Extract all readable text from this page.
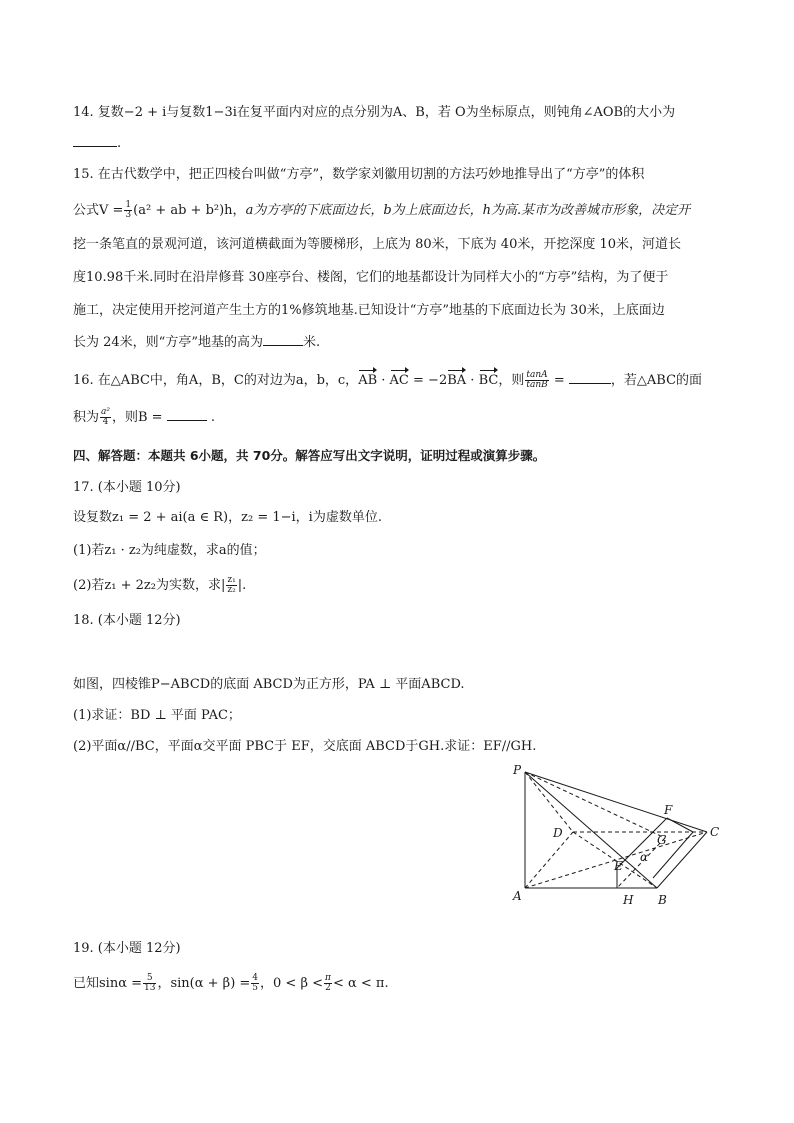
14. 复数−2 + i与复数1−3i在复平面内对应的点分别为A、B，若 O为坐标原点，则钝角∠AOB的大小为
.
15. 在古代数学中，把正四棱台叫做“方亭”，数学家刘徽用切割的方法巧妙地推导出了“方亭”的体积
公式$V = \frac{1}{3} (a^2$ + ab + b²)h，a为方亭的下底面边长，b为上底面边长，h为高.某市为改善城市形象，决定开
挖一条笔直的景观河道，该河道横截面为等腰梯形，上底为 80米，下底为 40米，开挖深度 10米，河道长
度10.98千米.同时在沿岸修葺 30座亭台、楼阁，它们的地基都设计为同样大小的“方亭”结构，为了便于
施工，决定使用开挖河道产生土方的1%修筑地基.已知设计“方亭”地基的下底面边长为 30米，上底面边
长为 24米，则“方亭”地基的高为	米.
16. 在△ABC中，角A，B，C的对边为a，b，c，AB · AC = −2BA · BC，则 $\frac{\tan A}{\tan B}$ =	，若△ABC的面
积为 $\frac{\text{a²}}{4}$ ，则B =	.
四、解答题：本题共 6小题，共 70分。解答应写出文字说明，证明过程或演算步骤。
17. (本小题 10分)
设复数z₁ = 2 + ai(a ∈ R)，z₂ = 1−i，i为虚数单位.
(1)若z₁ · z₂为纯虚数，求a的值；
(2)若z₁ + 2z₂为实数，求| $\frac{\text{z₁}}{\text{z₂}}$ |.
18. (本小题 12分)
如图，四棱锥P−ABCD的底面 ABCD为正方形，PA ⊥ 平面ABCD.
(1)求证：BD ⊥ 平面 PAC；
(2)平面α//BC，平面α交平面 PBC于 EF，交底面 ABCD于GH.求证：EF//GH.
P
D
F
G
C
E
α
A	H B
19. (本小题 12分)
已知$\sin\alpha = \frac{5}{13}$ ，$\sin(\alpha + \beta) = \frac{4}{5}$ ，$0 < \beta < \frac{\pi}{2} < \alpha < \pi$.
